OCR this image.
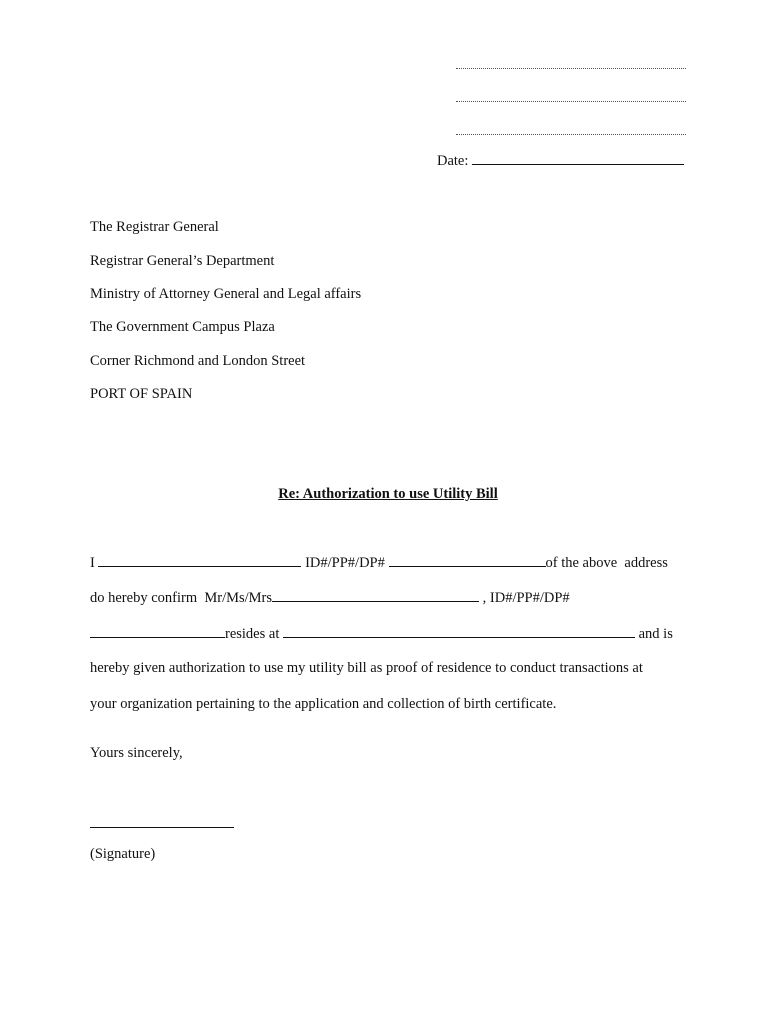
Date:
The Registrar General
Registrar General’s Department
Ministry of Attorney General and Legal affairs
The Government Campus Plaza
Corner Richmond and London Street
PORT OF SPAIN
Re: Authorization to use Utility Bill
I	ID#/PP#/DP#	of the above  address
do hereby confirm  Mr/Ms/Mrs	, ID#/PP#/DP#
resides at	and is
hereby given authorization to use my utility bill as proof of residence to conduct transactions at
your organization pertaining to the application and collection of birth certificate.
Yours sincerely,
(Signature)
